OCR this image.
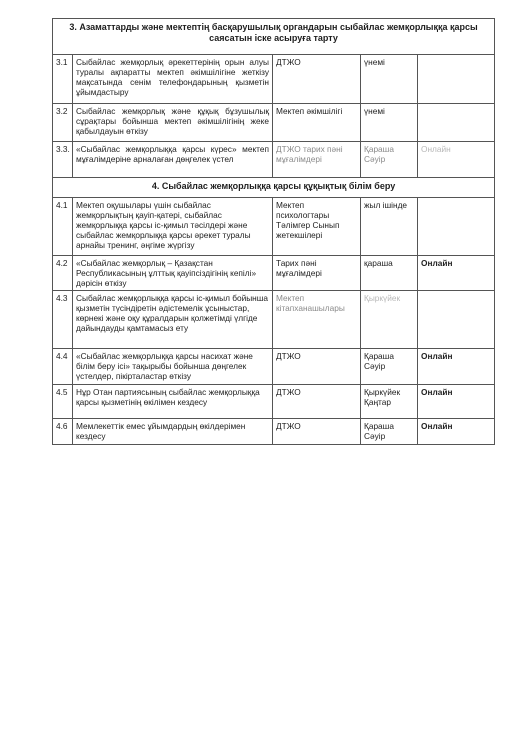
3. Азаматтарды және мектептің басқарушылық органдарын сыбайлас жемқорлыққа қарсы саясатын іске асыруға тарту				
3.1	Сыбайлас жемқорлық әрекеттерінің орын алуы туралы ақпаратты мектеп әкімшілігіне жеткізу мақсатында сенім телефондарының қызметін ұйымдастыру	ДТЖО	үнемі	
3.2	Сыбайлас жемқорлық және құқық бұзушылық сұрақтары бойынша мектеп әкімшілігінің жеке қабылдауын өткізу	Мектеп әкімшілігі	үнемі	
3.3.	«Сыбайлас жемқорлыққа қарсы күрес» мектеп мұғалімдеріне арналаған дөңгелек үстел	ДТЖО тарих пәні мұғалімдері	Қараша Сәуір	Онлайн
4. Сыбайлас жемқорлыққа қарсы құқықтық білім беру				
4.1	Мектеп оқушылары үшін сыбайлас жемқорлықтың қауіп-қатері, сыбайлас жемқорлыққа қарсы іс-қимыл тәсілдері және сыбайлас жемқорлыққа қарсы әрекет туралы арнайы тренинг, әңгіме жүргізу	Мектеп психологтары Тәлімгер Сынып жетекшілері	жыл ішінде	
4.2	«Сыбайлас жемқорлық – Қазақстан Республикасының ұлттық қауіпсіздігінің кепілі» дәрісін өткізу	Тарих пәні мұғалімдері	қараша	Онлайн
4.3	Сыбайлас жемқорлыққа қарсы іс-қимыл бойынша қызметін түсіндіретін әдістемелік ұсыныстар, көрнекі және оқу құралдарын қолжетімді үлгіде дайындауды қамтамасыз ету	Мектеп кітапханашылары	Қыркүйек	
4.4	«Сыбайлас жемқорлыққа қарсы насихат және білім беру ісі» тақырыбы бойынша дөңгелек үстелдер, пікірталастар өткізу	ДТЖО	Қараша Сәуір	Онлайн
4.5	Нұр Отан партиясының сыбайлас жемқорлыққа қарсы қызметінің өкілімен кездесу	ДТЖО	Қыркүйек Қаңтар	Онлайн
4.6	Мемлекеттік емес ұйымдардың өкілдерімен кездесу	ДТЖО	Қараша Сәуір	Онлайн
